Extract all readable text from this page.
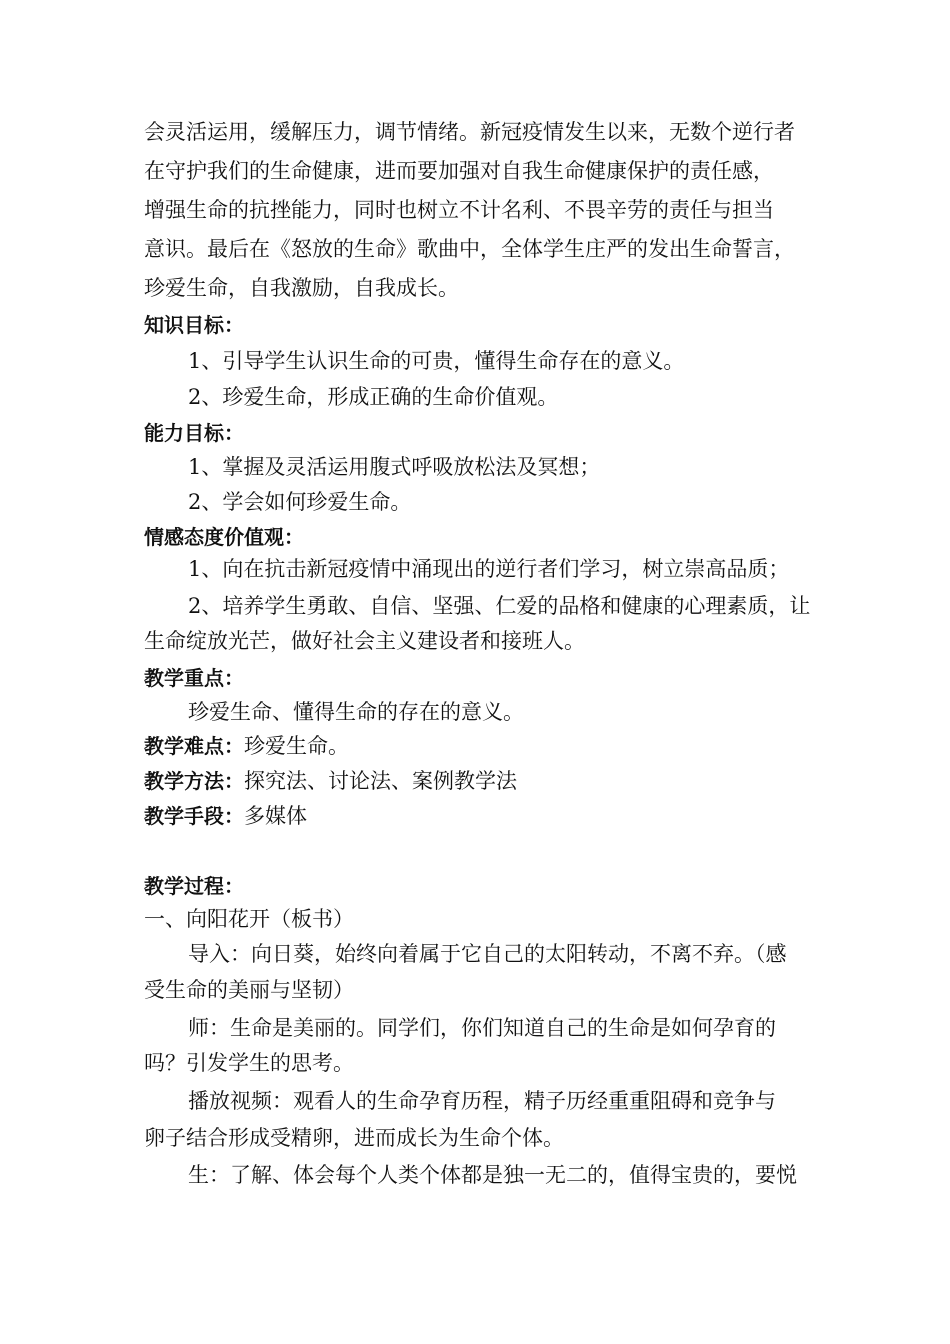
会灵活运用，缓解压力，调节情绪。新冠疫情发生以来，无数个逆行者
在守护我们的生命健康，进而要加强对自我生命健康保护的责任感，
增强生命的抗挫能力，同时也树立不计名利、不畏辛劳的责任与担当
意识。最后在《怒放的生命》歌曲中，全体学生庄严的发出生命誓言，
珍爱生命，自我激励，自我成长。
知识目标：
1、引导学生认识生命的可贵，懂得生命存在的意义。
2、珍爱生命，形成正确的生命价值观。
能力目标：
1、掌握及灵活运用腹式呼吸放松法及冥想；
2、学会如何珍爱生命。
情感态度价值观：
1、向在抗击新冠疫情中涌现出的逆行者们学习，树立崇高品质；
2、培养学生勇敢、自信、坚强、仁爱的品格和健康的心理素质，让
生命绽放光芒，做好社会主义建设者和接班人。
教学重点：
珍爱生命、懂得生命的存在的意义。
教学难点：珍爱生命。
教学方法：探究法、讨论法、案例教学法
教学手段：多媒体
教学过程：
一、向阳花开（板书）
导入：向日葵，始终向着属于它自己的太阳转动，不离不弃。（感
受生命的美丽与坚韧）
师：生命是美丽的。同学们，你们知道自己的生命是如何孕育的
吗？引发学生的思考。
播放视频：观看人的生命孕育历程，精子历经重重阻碍和竞争与
卵子结合形成受精卵，进而成长为生命个体。
生：了解、体会每个人类个体都是独一无二的，值得宝贵的，要悦
